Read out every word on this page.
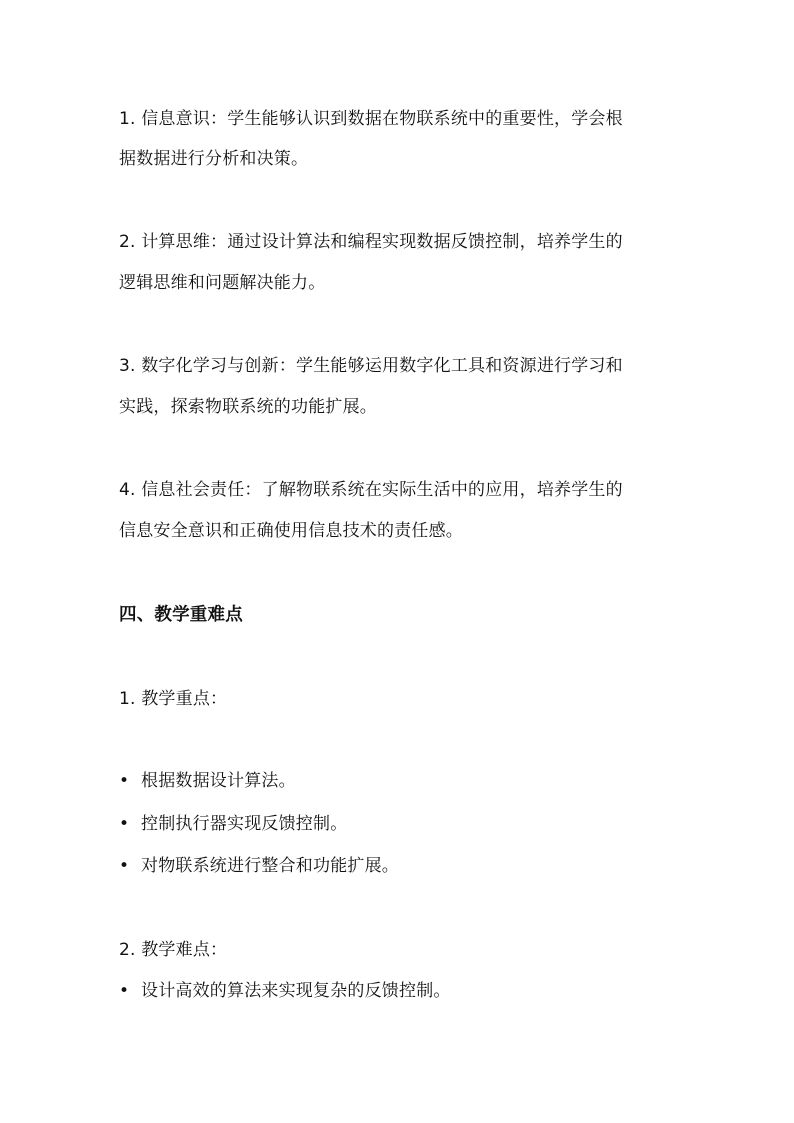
1. 信息意识：学生能够认识到数据在物联系统中的重要性，学会根
据数据进行分析和决策。
2. 计算思维：通过设计算法和编程实现数据反馈控制，培养学生的
逻辑思维和问题解决能力。
3. 数字化学习与创新：学生能够运用数字化工具和资源进行学习和
实践，探索物联系统的功能扩展。
4. 信息社会责任：了解物联系统在实际生活中的应用，培养学生的
信息安全意识和正确使用信息技术的责任感。
四、教学重难点
1. 教学重点：
• 根据数据设计算法。
• 控制执行器实现反馈控制。
• 对物联系统进行整合和功能扩展。
2. 教学难点：
• 设计高效的算法来实现复杂的反馈控制。
